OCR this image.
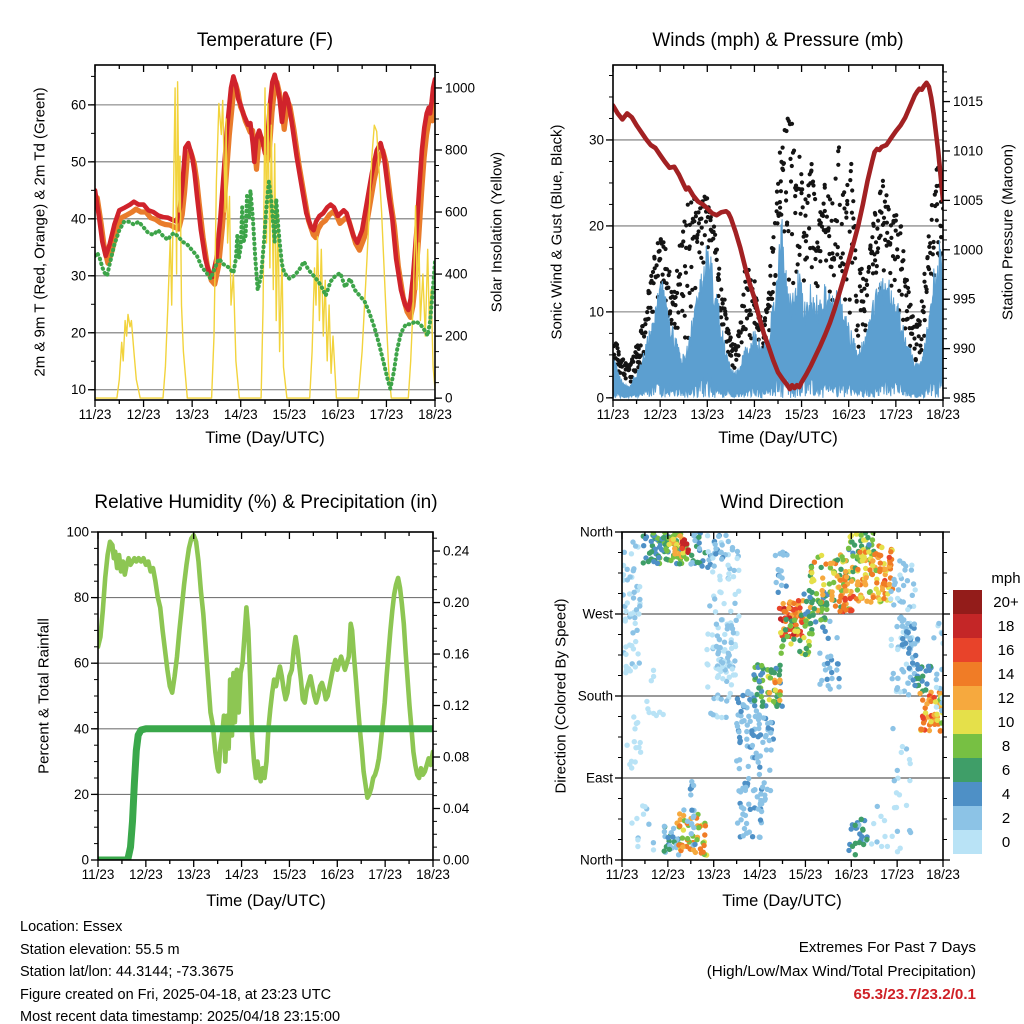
11/23 12/23 13/23 14/23 15/23 16/23 17/23 18/23
10
20
30
40
50
60
0
200
400
600
800
1000
11/23 12/23 13/23 14/23 15/23 16/23 17/23 18/23
0
10
20
30
985
990
995
1000
1005
1010
1015
11/23 12/23 13/23 14/23 15/23 16/23 17/23 18/23
0
20
40
60
80
100
0.00
0.04
0.08
0.12
0.16
0.20
0.24
11/23 12/23 13/23 14/23 15/23 16/23 17/23 18/23
North
West
South
East
North
20+
18
16
14
12
10
8
6
4
2
0
Temperature (F)	Winds (mph) & Pressure (mb)
Relative Humidity (%) & Precipitation (in)	Wind Direction
Time (Day/UTC)	Time (Day/UTC)
Time (Day/UTC)	Time (Day/UTC)
2m & 9m T (Red, Orange) & 2m Td (Green)	Solar Insolation (Yellow)	Sonic Wind & Gust (Blue, Black)	Station Pressure (Maroon)
Percent & Total Rainfall	Direction (Colored By Speed)
mph
Location: Essex
Station elevation: 55.5 m
Station lat/lon: 44.3144; -73.3675
Figure created on Fri, 2025-04-18, at 23:23 UTC
Most recent data timestamp: 2025/04/18 23:15:00
Extremes For Past 7 Days
(High/Low/Max Wind/Total Precipitation)
65.3/23.7/23.2/0.1
